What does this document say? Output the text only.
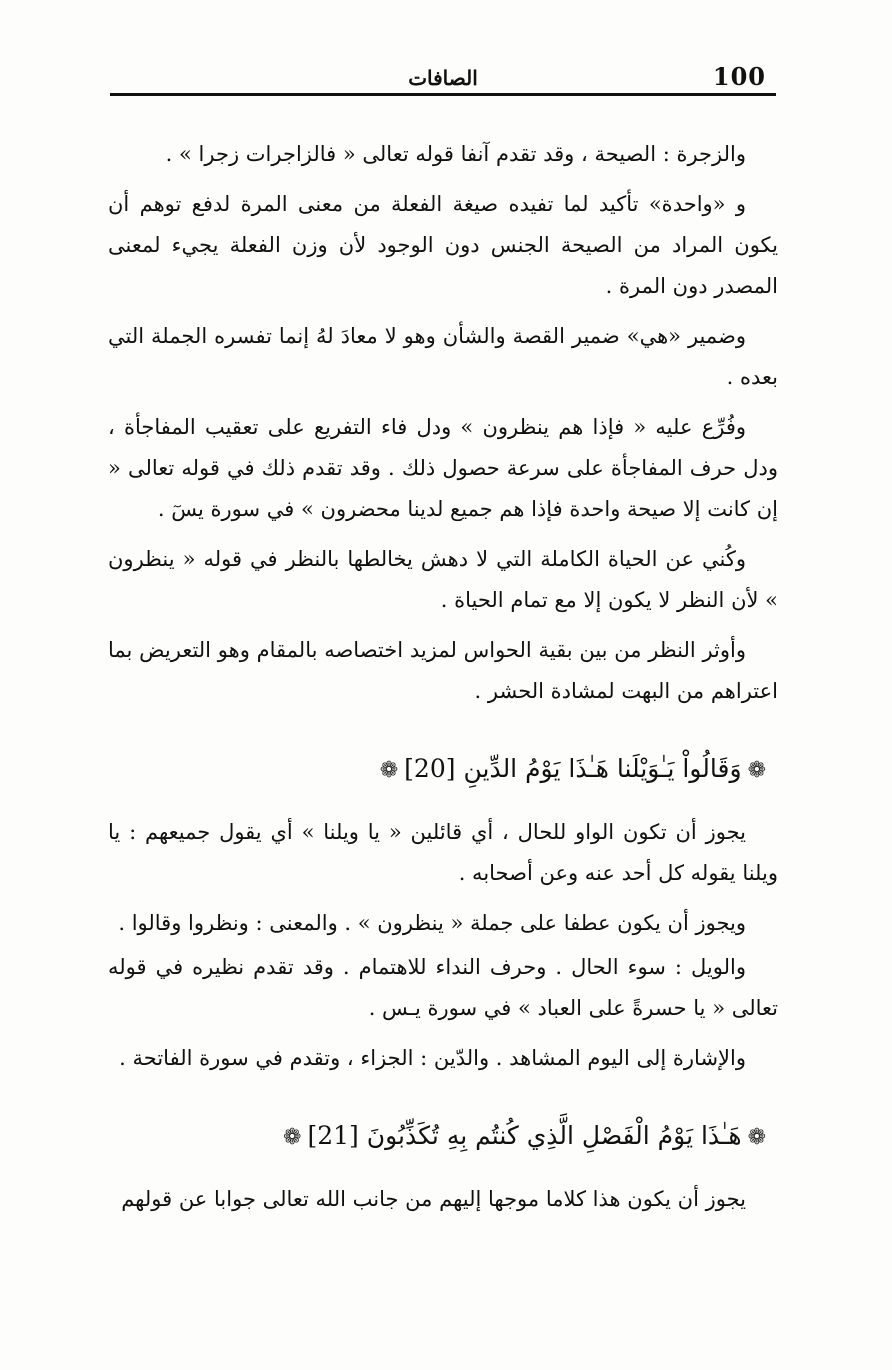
100
الصافات

والزجرة : الصيحة ، وقد تقدم آنفا قوله تعالى « فالزاجرات زجرا » .

و «واحدة» تأكيد لما تفيده صيغة الفعلة من معنى المرة لدفع توهم أن يكون المراد من الصيحة الجنس دون الوجود لأن وزن الفعلة يجيء لمعنى المصدر دون المرة .

وضمير «هي» ضمير القصة والشأن وهو لا معادَ لهُ إنما تفسره الجملة التي بعده .

وفُرِّع عليه « فإذا هم ينظرون » ودل فاء التفريع على تعقيب المفاجأة ، ودل حرف المفاجأة على سرعة حصول ذلك . وقد تقدم ذلك في قوله تعالى « إن كانت إلا صيحة واحدة فإذا هم جميع لدينا محضرون » في سورة يسٓ .

وكُني عن الحياة الكاملة التي لا دهش يخالطها بالنظر في قوله « ينظرون » لأن النظر لا يكون إلا مع تمام الحياة .

وأوثر النظر من بين بقية الحواس لمزيد اختصاصه بالمقام وهو التعريض بما اعتراهم من البهت لمشادة الحشر .

❁وَقَالُواْ يَـٰوَيْلَنا هَـٰذَا يَوْمُ الدِّينِ [20]❁

يجوز أن تكون الواو للحال ، أي قائلين « يا ويلنا » أي يقول جميعهم : يا ويلنا يقوله كل أحد عنه وعن أصحابه .

ويجوز أن يكون عطفا على جملة « ينظرون » . والمعنى : ونظروا وقالوا .

والويل : سوء الحال . وحرف النداء للاهتمام . وقد تقدم نظيره في قوله تعالى « يا حسرةً على العباد » في سورة يـس .

والإشارة إلى اليوم المشاهد . والدّين : الجزاء ، وتقدم في سورة الفاتحة .

❁هَـٰذَا يَوْمُ الْفَصْلِ الَّذِي كُنتُم بِهِ تُكَذِّبُونَ [21]❁

يجوز أن يكون هذا كلاما موجها إليهم من جانب الله تعالى جوابا عن قولهم
